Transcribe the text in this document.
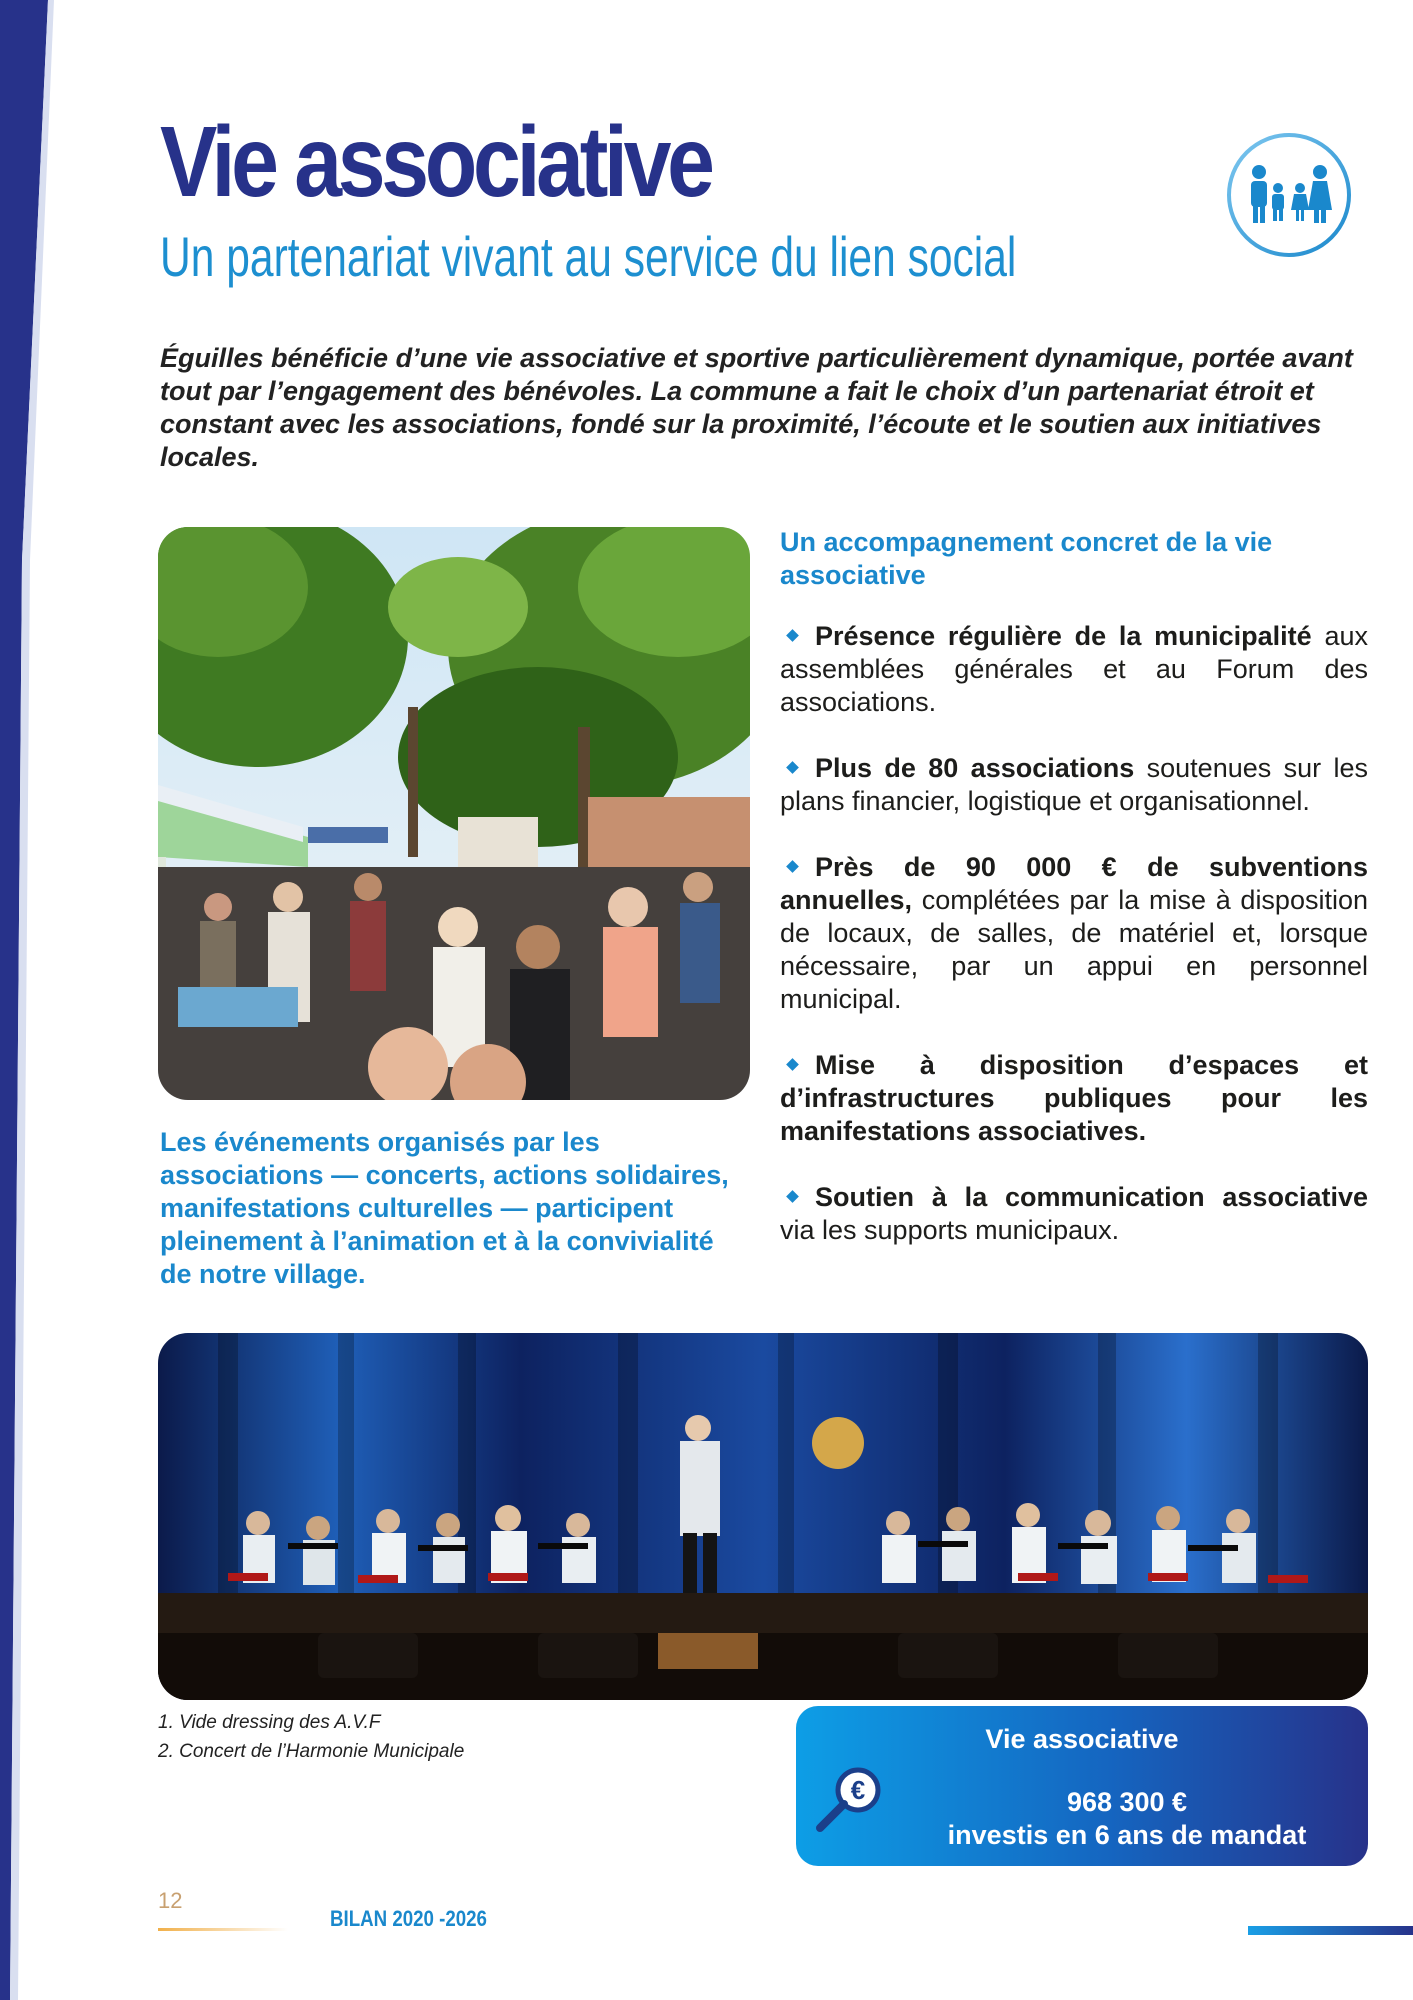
Vie associative
Un partenariat vivant au service du lien social

Éguilles bénéficie d’une vie associative et sportive particulièrement dynamique, portée avant tout par l’engagement des bénévoles. La commune a fait le choix d’un partenariat étroit et constant avec les associations, fondé sur la proximité, l’écoute et le soutien aux initiatives locales.

Les événements organisés par les associations — concerts, actions solidaires, manifestations culturelles — participent pleinement à l’animation et à la convivialité de notre village.

Un accompagnement concret de la vie associative

Présence régulière de la municipalité aux assemblées générales et au Forum des associations.

Plus de 80 associations soutenues sur les plans financier, logistique et organisationnel.

Près de 90 000 € de subventions annuelles, complétées par la mise à disposition de locaux, de salles, de matériel et, lorsque nécessaire, par un appui en personnel municipal.

Mise à disposition d’espaces et d’infrastructures publiques pour les manifestations associatives.

Soutien à la communication associative via les supports municipaux.

1. Vide dressing des A.V.F

2. Concert de l’Harmonie Municipale	Vie associative
€	968 300 €
investis en 6 ans de mandat
12
BILAN 2020 -2026
